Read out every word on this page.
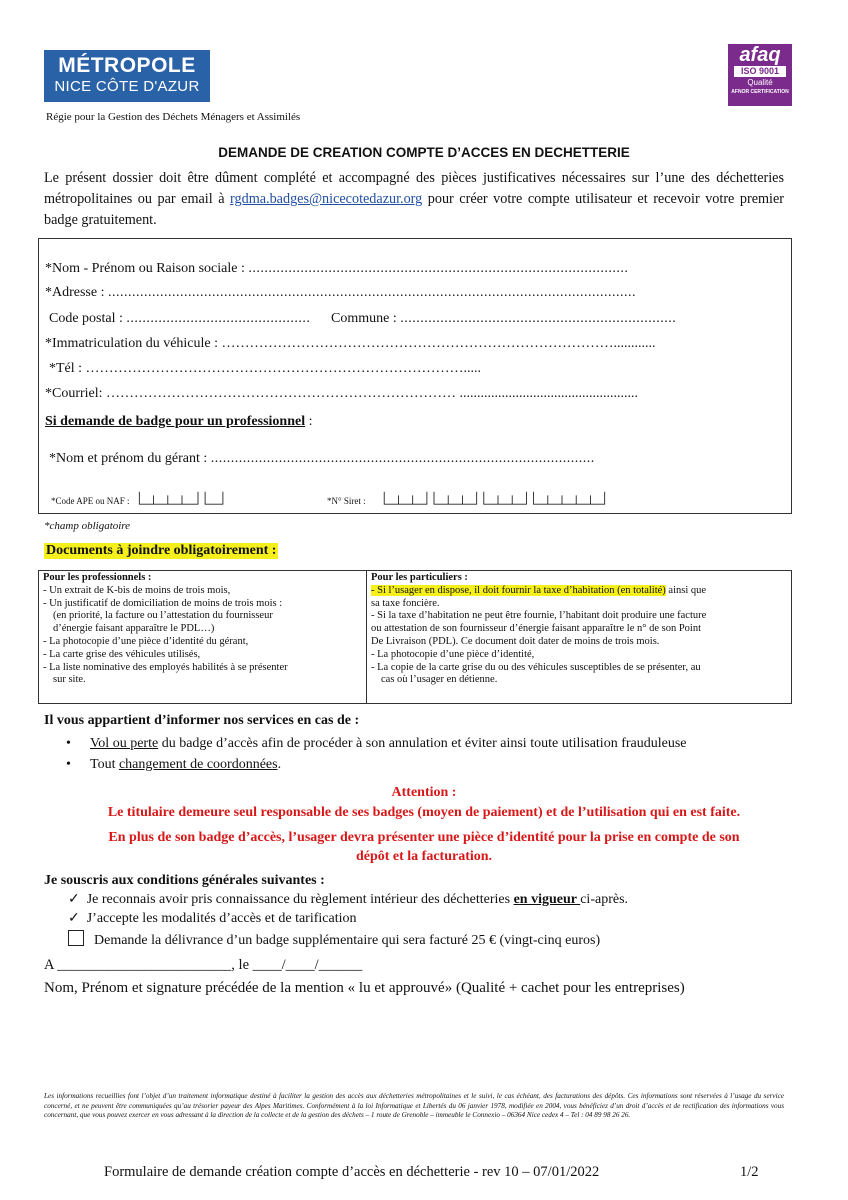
MÉTROPOLE
NICE CÔTE D'AZUR
Régie pour la Gestion des Déchets Ménagers et Assimilés
afaq
ISO 9001
Qualité
AFNOR CERTIFICATION
DEMANDE DE CREATION COMPTE D’ACCES EN DECHETTERIE
Le présent dossier doit être dûment complété et accompagné des pièces justificatives nécessaires sur l’une des déchetteries métropolitaines ou par email à rgdma.badges@nicecotedazur.org pour créer votre compte utilisateur et recevoir votre premier badge gratuitement.
*Nom - Prénom ou Raison sociale : ...............................................................................................
*Adresse : ....................................................................................................................................
Code postal : .............................................. Commune : .....................................................................
*Immatriculation du véhicule : …………………………………………………………………………............
*Tél : ……………………………………………………………………….....
*Courriel: ………………………………………………………………… ...................................................
Si demande de badge pour un professionnel :
*Nom et prénom du gérant : ................................................................................................
*Code APE ou NAF :	*N° Siret :
*champ obligatoire
Documents à joindre obligatoirement :
Pour les professionnels :
- Un extrait de K-bis de moins de trois mois,
- Un justificatif de domiciliation de moins de trois mois :
(en priorité, la facture ou l’attestation du fournisseur
d’énergie faisant apparaître le PDL…)
- La photocopie d’une pièce d’identité du gérant,
- La carte grise des véhicules utilisés,
- La liste nominative des employés habilités à se présenter
sur site.
Pour les particuliers :
- Si l’usager en dispose, il doit fournir la taxe d’habitation (en totalité) ainsi que
sa taxe foncière.
- Si la taxe d’habitation ne peut être fournie, l’habitant doit produire une facture
ou attestation de son fournisseur d’énergie faisant apparaître le n° de son Point
De Livraison (PDL). Ce document doit dater de moins de trois mois.
- La photocopie d’une pièce d’identité,
- La copie de la carte grise du ou des véhicules susceptibles de se présenter, au
cas où l’usager en détienne.
Il vous appartient d’informer nos services en cas de :
• Vol ou perte du badge d’accès afin de procéder à son annulation et éviter ainsi toute utilisation frauduleuse
• Tout changement de coordonnées.
Attention :
Le titulaire demeure seul responsable de ses badges (moyen de paiement) et de l’utilisation qui en est faite.
En plus de son badge d’accès, l’usager devra présenter une pièce d’identité pour la prise en compte de son
dépôt et la facturation.
Je souscris aux conditions générales suivantes :
✓  Je reconnais avoir pris connaissance du règlement intérieur des déchetteries en vigueur ci-après.
✓  J’accepte les modalités d’accès et de tarification
Demande la délivrance d’un badge supplémentaire qui sera facturé 25 € (vingt-cinq euros)
A ________________________, le ____/____/______
Nom, Prénom et signature précédée de la mention « lu et approuvé» (Qualité + cachet pour les entreprises)
Les informations recueillies font l’objet d’un traitement informatique destiné à faciliter la gestion des accès aux déchetteries métropolitaines et le suivi, le cas échéant, des facturations des dépôts. Ces informations sont réservées à l’usage du service concerné, et ne peuvent être communiquées qu’au trésorier payeur des Alpes Maritimes. Conformément à la loi Informatique et Libertés du 06 janvier 1978, modifiée en 2004, vous bénéficiez d’un droit d’accès et de rectification des informations vous concernant, que vous pouvez exercer en vous adressant à la direction de la collecte et de la gestion des déchets – 1 route de Grenoble – immeuble le Connexio – 06364 Nice cedex 4 – Tel : 04 89 98 26 26.
Formulaire de demande création compte d’accès en déchetterie - rev 10 – 07/01/2022	1/2
